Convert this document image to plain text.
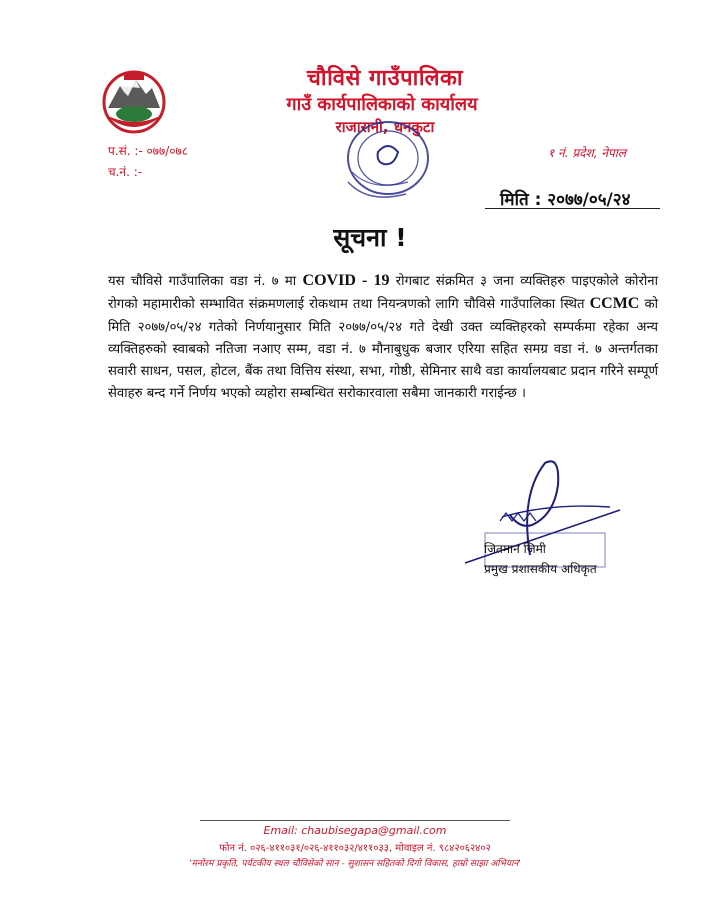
चौविसे गाउँपालिका
गाउँ कार्यपालिकाको कार्यालय
राजारानी, धनकुटा
प.सं. :- ०७७/०७८
च.नं. :-
१ नं. प्रदेश, नेपाल
मिति : २०७७/०५/२४
सूचना !
यस चौविसे गाउँपालिका वडा नं. ७ मा COVID - 19 रोगबाट संक्रमित ३ जना व्यक्तिहरु पाइएकोले कोरोना रोगको महामारीको सम्भावित संक्रमणलाई रोकथाम तथा नियन्त्रणको लागि चौविसे गाउँपालिका स्थित CCMC को मिति २०७७/०५/२४ गतेको निर्णयानुसार मिति २०७७/०५/२४ गते देखी उक्त व्यक्तिहरको सम्पर्कमा रहेका अन्य व्यक्तिहरुको स्वाबको नतिजा नआए सम्म, वडा नं. ७ मौनाबुधुक बजार एरिया सहित समग्र वडा नं. ७ अन्तर्गतका सवारी साधन, पसल, होटल, बैंक तथा वित्तिय संस्था, सभा, गोष्ठी, सेमिनार साथै वडा कार्यालयबाट प्रदान गरिने सम्पूर्ण सेवाहरु बन्द गर्ने निर्णय भएको व्यहोरा सम्बन्धित सरोकारवाला सबैमा जानकारी गराईन्छ ।
जितमान जिमी
प्रमुख प्रशासकीय अधिकृत
Email: chaubisegapa@gmail.com
फोन नं. ०२६-४११०३१/०२६-४११०३२/४११०३३, मोवाइल नं. ९८४२०६२४०२
'मनोरम प्रकृति, पर्यटकीय स्थल चौविसेको सान - सुशासन सहितको दिगो विकास, हाम्रो साझा अभियान'
